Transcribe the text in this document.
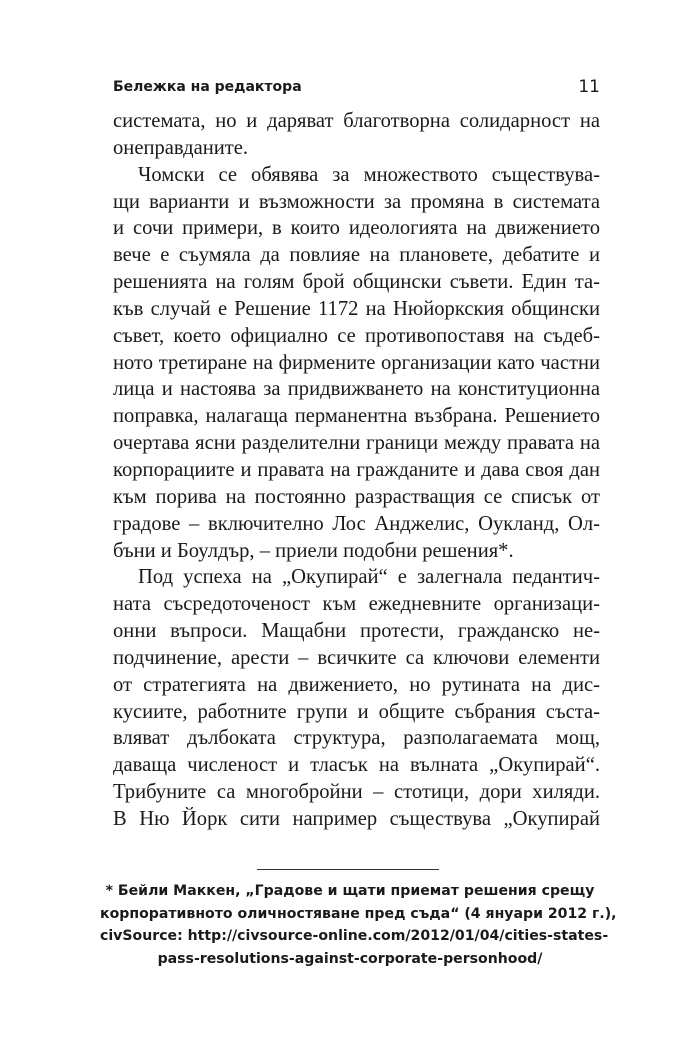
Бележка на редактора	11
системата, но и даряват благотворна солидарност на
онеправданите.
Чомски се обявява за множеството съществува-
щи варианти и възможности за промяна в системата
и сочи примери, в които идеологията на движението
вече е съумяла да повлияе на плановете, дебатите и
решенията на голям брой общински съвети. Един та-
къв случай е Решение 1172 на Нюйоркския общински
съвет, което официално се противопоставя на съдеб-
ното третиране на фирмените организации като частни
лица и настоява за придвижването на конституционна
поправка, налагаща перманентна възбрана. Решението
очертава ясни разделителни граници между правата на
корпорациите и правата на гражданите и дава своя дан
към порива на постоянно разрастващия се списък от
градове – включително Лос Анджелис, Оукланд, Ол-
бъни и Боулдър, – приели подобни решения*.
Под успеха на „Окупирай“ е залегнала педантич-
ната съсредоточеност към ежедневните организаци-
онни въпроси. Мащабни протести, гражданско не-
подчинение, арести – всичките са ключови елементи
от стратегията на движението, но рутината на дис-
кусиите, работните групи и общите събрания съста-
вляват дълбоката структура, разполагаемата мощ,
даваща численост и тласък на вълната „Окупирай“.
Трибуните са многобройни – стотици, дори хиляди.
В Ню Йорк сити например съществува „Окупирай
* Бейли Маккен, „Градове и щати приемат решения срещу
корпоративното оличностяване пред съда“ (4 януари 2012 г.),
civSource: http://civsource-online.com/2012/01/04/cities-states-
pass-resolutions-against-corporate-personhood/
